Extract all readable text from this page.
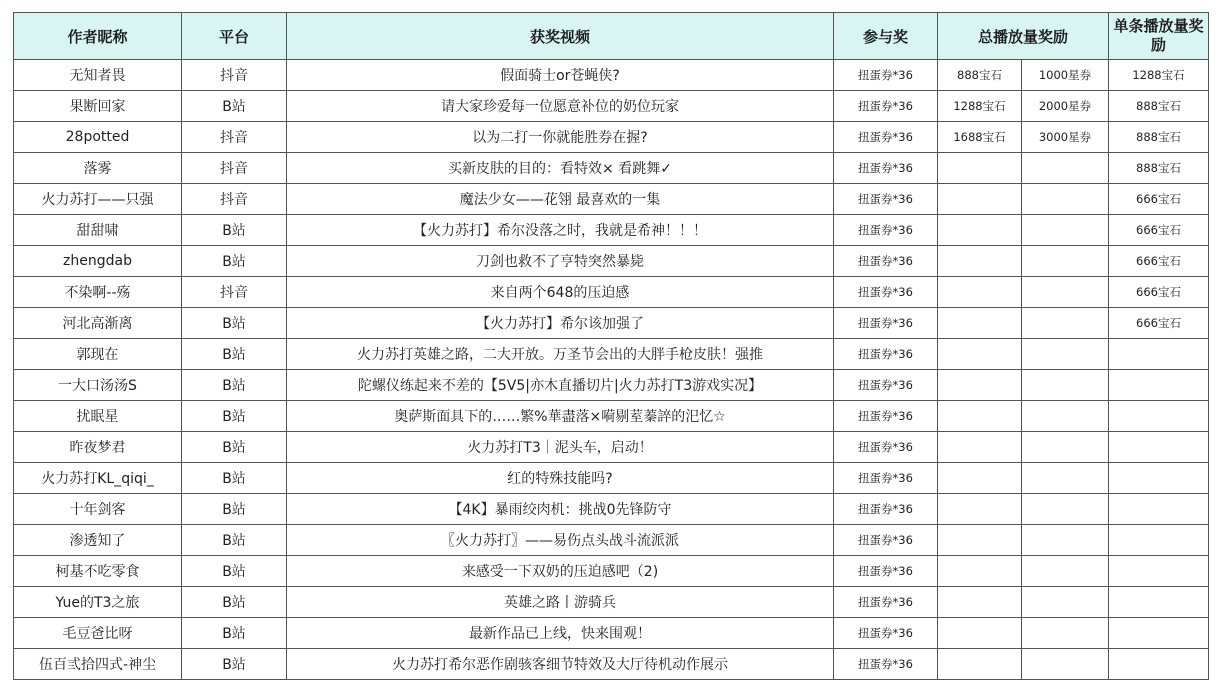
作者昵称	平台	获奖视频	参与奖	总播放量奖励		单条播放量奖励
无知者畏	抖音	假面骑士or苍蝇侠?	扭蛋券*36	888宝石	1000星券	1288宝石
果断回家	B站	请大家珍爱每一位愿意补位的奶位玩家	扭蛋券*36	1288宝石	2000星券	888宝石
28potted	抖音	以为二打一你就能胜券在握?	扭蛋券*36	1688宝石	3000星券	888宝石
落雾	抖音	买新皮肤的目的：看特效× 看跳舞✓	扭蛋券*36			888宝石
火力苏打——只强	抖音	魔法少女——花翎 最喜欢的一集	扭蛋券*36			666宝石
甜甜啸	B站	【火力苏打】希尔没落之时，我就是希神！！！	扭蛋券*36			666宝石
zhengdab	B站	刀剑也救不了亨特突然暴毙	扭蛋券*36			666宝石
不染啊--殇	抖音	来自两个648的压迫感	扭蛋券*36			666宝石
河北高渐离	B站	【火力苏打】希尔该加强了	扭蛋券*36			666宝石
郭现在	B站	火力苏打英雄之路，二大开放。万圣节会出的大胖手枪皮肤！强推	扭蛋券*36			
一大口汤汤S	B站	陀螺仪练起来不差的【5V5|亦木直播切片|火力苏打T3游戏实况】	扭蛋券*36			
扰眠星	B站	奥萨斯面具下的……繁%華盡落×嗬剔荎蓁誶的汜忆☆	扭蛋券*36			
昨夜梦君	B站	火力苏打T3｜泥头车，启动！	扭蛋券*36			
火力苏打KL_qiqi_	B站	红的特殊技能吗?	扭蛋券*36			
十年剑客	B站	【4K】暴雨绞肉机：挑战0先锋防守	扭蛋券*36			
渗透知了	B站	〖火力苏打〗——易伤点头战斗流派派	扭蛋券*36			
柯基不吃零食	B站	来感受一下双奶的压迫感吧（2)	扭蛋券*36			
Yue的T3之旅	B站	英雄之路丨游骑兵	扭蛋券*36			
毛豆爸比呀	B站	最新作品已上线，快来围观！	扭蛋券*36			
伍百弎拾四式-神尘	B站	火力苏打希尔恶作剧骇客细节特效及大厅待机动作展示	扭蛋券*36			
